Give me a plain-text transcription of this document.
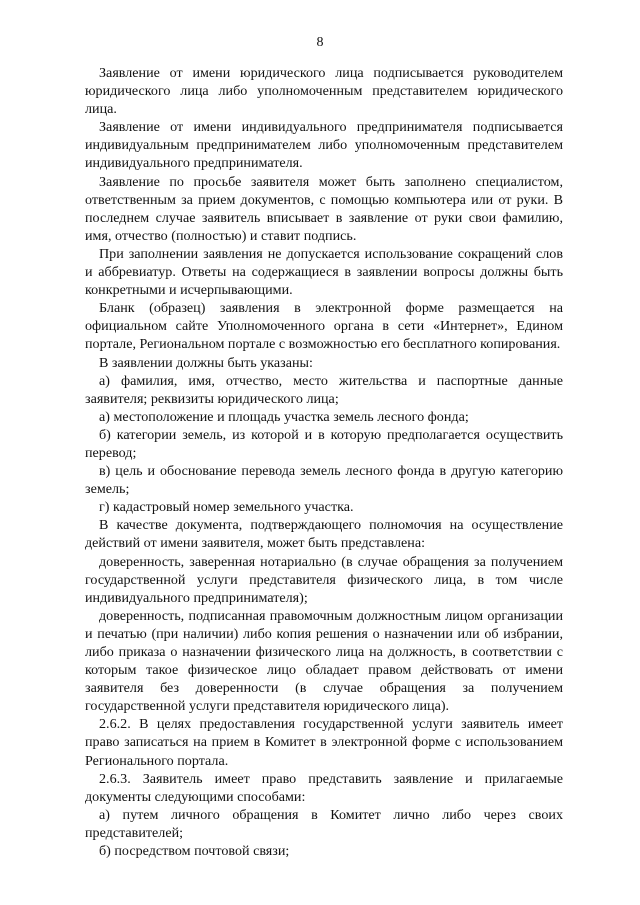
8

Заявление от имени юридического лица подписывается руководителем юридического лица либо уполномоченным представителем юридического лица.

Заявление от имени индивидуального предпринимателя подписывается индивидуальным предпринимателем либо уполномоченным представителем индивидуального предпринимателя.

Заявление по просьбе заявителя может быть заполнено специалистом, ответственным за прием документов, с помощью компьютера или от руки. В последнем случае заявитель вписывает в заявление от руки свои фамилию, имя, отчество (полностью) и ставит подпись.

При заполнении заявления не допускается использование сокращений слов и аббревиатур. Ответы на содержащиеся в заявлении вопросы должны быть конкретными и исчерпывающими.

Бланк (образец) заявления в электронной форме размещается на официальном сайте Уполномоченного органа в сети «Интернет», Едином портале, Региональном портале с возможностью его бесплатного копирования.

В заявлении должны быть указаны:

а) фамилия, имя, отчество, место жительства и паспортные данные заявителя; реквизиты юридического лица;

а) местоположение и площадь участка земель лесного фонда;

б) категории земель, из которой и в которую предполагается осуществить перевод;

в) цель и обоснование перевода земель лесного фонда в другую категорию земель;

г) кадастровый номер земельного участка.

В качестве документа, подтверждающего полномочия на осуществление действий от имени заявителя, может быть представлена:

доверенность, заверенная нотариально (в случае обращения за получением государственной услуги представителя физического лица, в том числе индивидуального предпринимателя);

доверенность, подписанная правомочным должностным лицом организации и печатью (при наличии) либо копия решения о назначении или об избрании, либо приказа о назначении физического лица на должность, в соответствии с которым такое физическое лицо обладает правом действовать от имени заявителя без доверенности (в случае обращения за получением государственной услуги представителя юридического лица).

2.6.2. В целях предоставления государственной услуги заявитель имеет право записаться на прием в Комитет в электронной форме с использованием Регионального портала.

2.6.3. Заявитель имеет право представить заявление и прилагаемые документы следующими способами:

а) путем личного обращения в Комитет лично либо через своих представителей;

б) посредством почтовой связи;
